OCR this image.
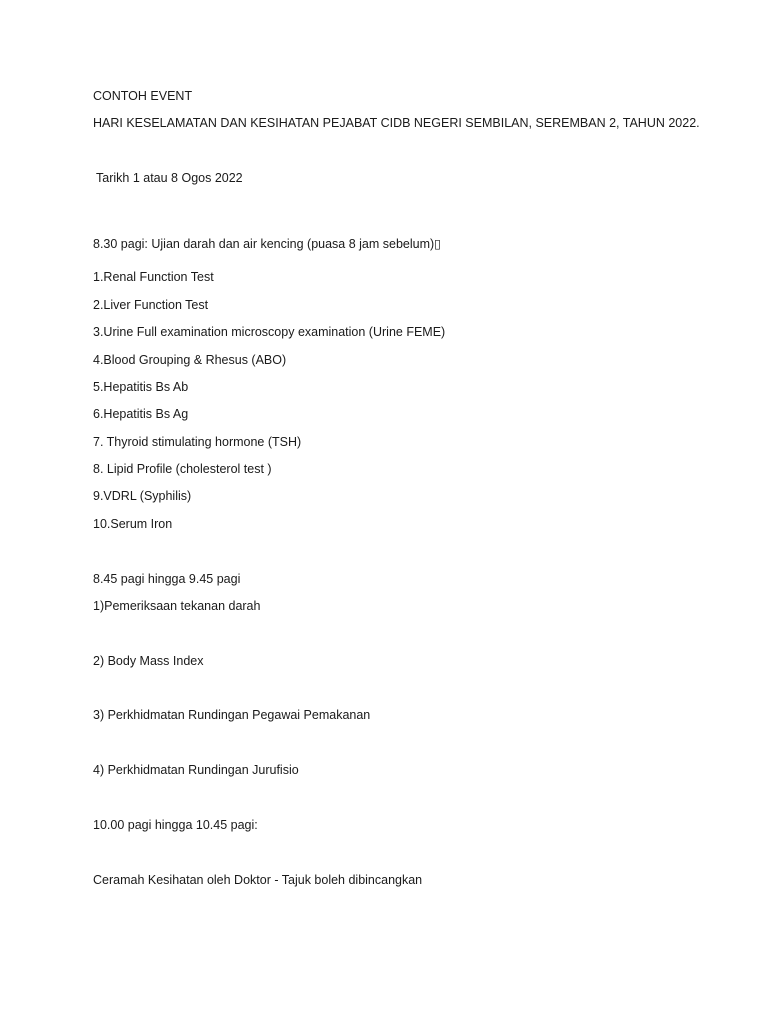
CONTOH EVENT
HARI KESELAMATAN DAN KESIHATAN PEJABAT CIDB NEGERI SEMBILAN, SEREMBAN 2, TAHUN 2022.
Tarikh 1 atau 8 Ogos 2022
8.30 pagi: Ujian darah dan air kencing (puasa 8 jam sebelum)▯
1.Renal Function Test
2.Liver Function Test
3.Urine Full examination microscopy examination (Urine FEME)
4.Blood Grouping & Rhesus (ABO)
5.Hepatitis Bs Ab
6.Hepatitis Bs Ag
7. Thyroid stimulating hormone (TSH)
8. Lipid Profile (cholesterol test )
9.VDRL (Syphilis)
10.Serum Iron
8.45 pagi hingga 9.45 pagi
1)Pemeriksaan tekanan darah
2) Body Mass Index
3) Perkhidmatan Rundingan Pegawai Pemakanan
4) Perkhidmatan Rundingan Jurufisio
10.00 pagi hingga 10.45 pagi:
Ceramah Kesihatan oleh Doktor - Tajuk boleh dibincangkan
